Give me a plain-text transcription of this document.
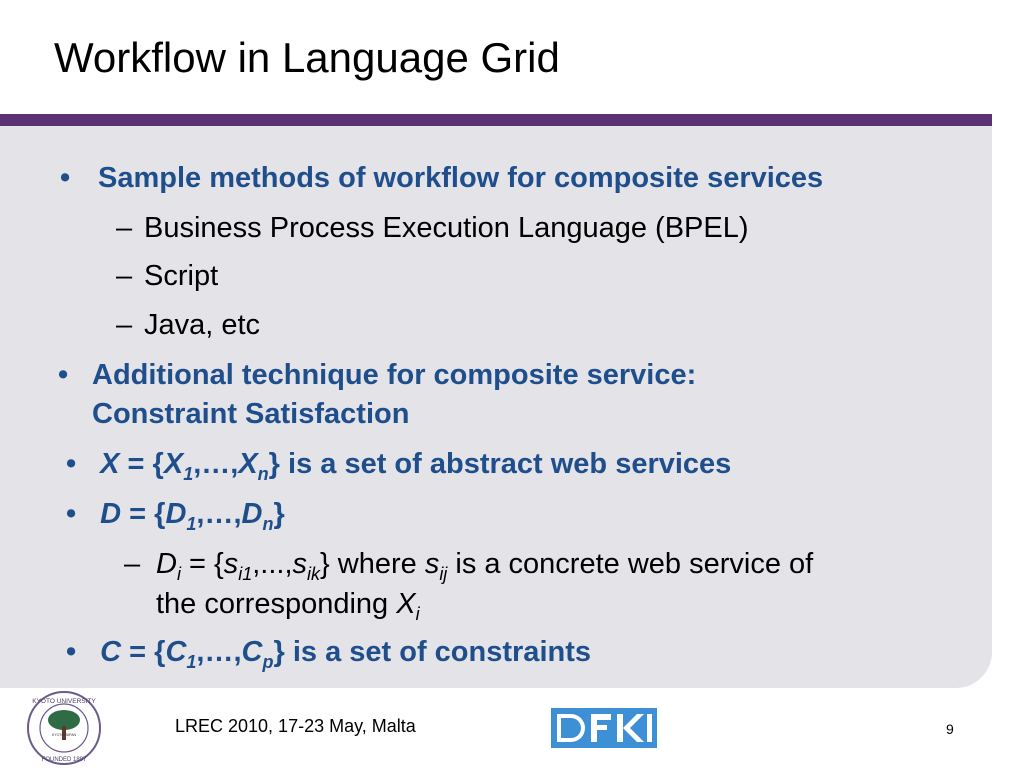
Workflow in Language Grid
• Sample methods of workflow for composite services
– Business Process Execution Language (BPEL)
– Script
– Java, etc
• Additional technique for composite service:
Constraint Satisfaction
• $X = \{X_1,\dots,X_n\}$ is a set of abstract web services
• $D = \{D_1,\dots,D_n\}$
– $D_i = \{s_{i1},...,s_{ik}\}$ where $s_{ij}$ is a concrete web service of
the corresponding $X_i$
• $C = \{C_1,\dots,C_p\}$ is a set of constraints
KYOTO UNIVERSITY
FOUNDED 1897
KYOTO JAPAN	LREC 2010, 17-23 May, Malta	9
